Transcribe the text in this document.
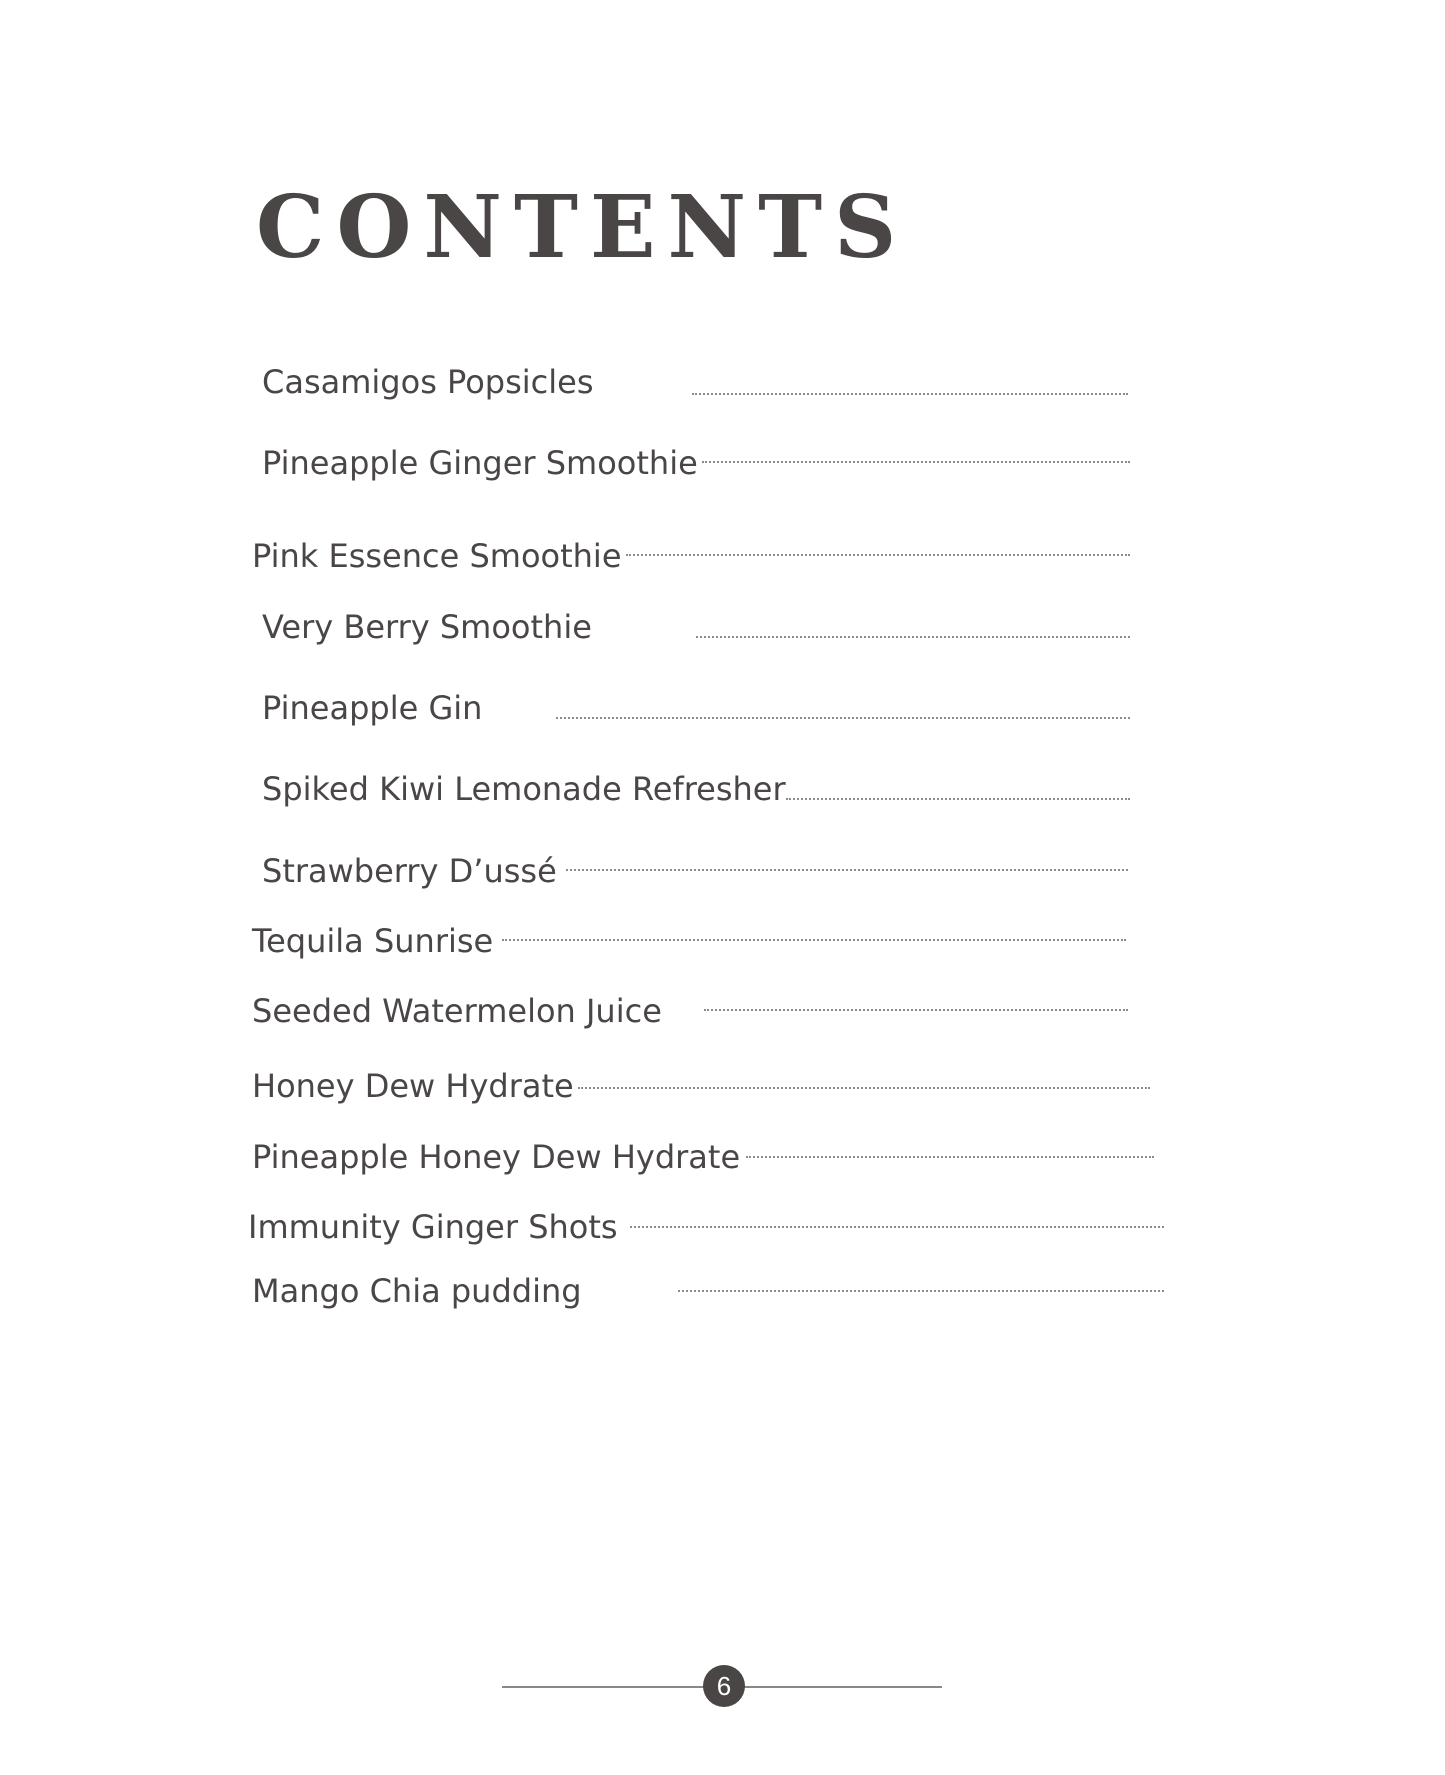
CONTENTS
Casamigos Popsicles
Pineapple Ginger Smoothie
Pink Essence Smoothie
Very Berry Smoothie
Pineapple Gin
Spiked Kiwi Lemonade Refresher
Strawberry D’ussé
Tequila Sunrise
Seeded Watermelon Juice
Honey Dew Hydrate
Pineapple Honey Dew Hydrate
Immunity Ginger Shots
Mango Chia pudding
6
